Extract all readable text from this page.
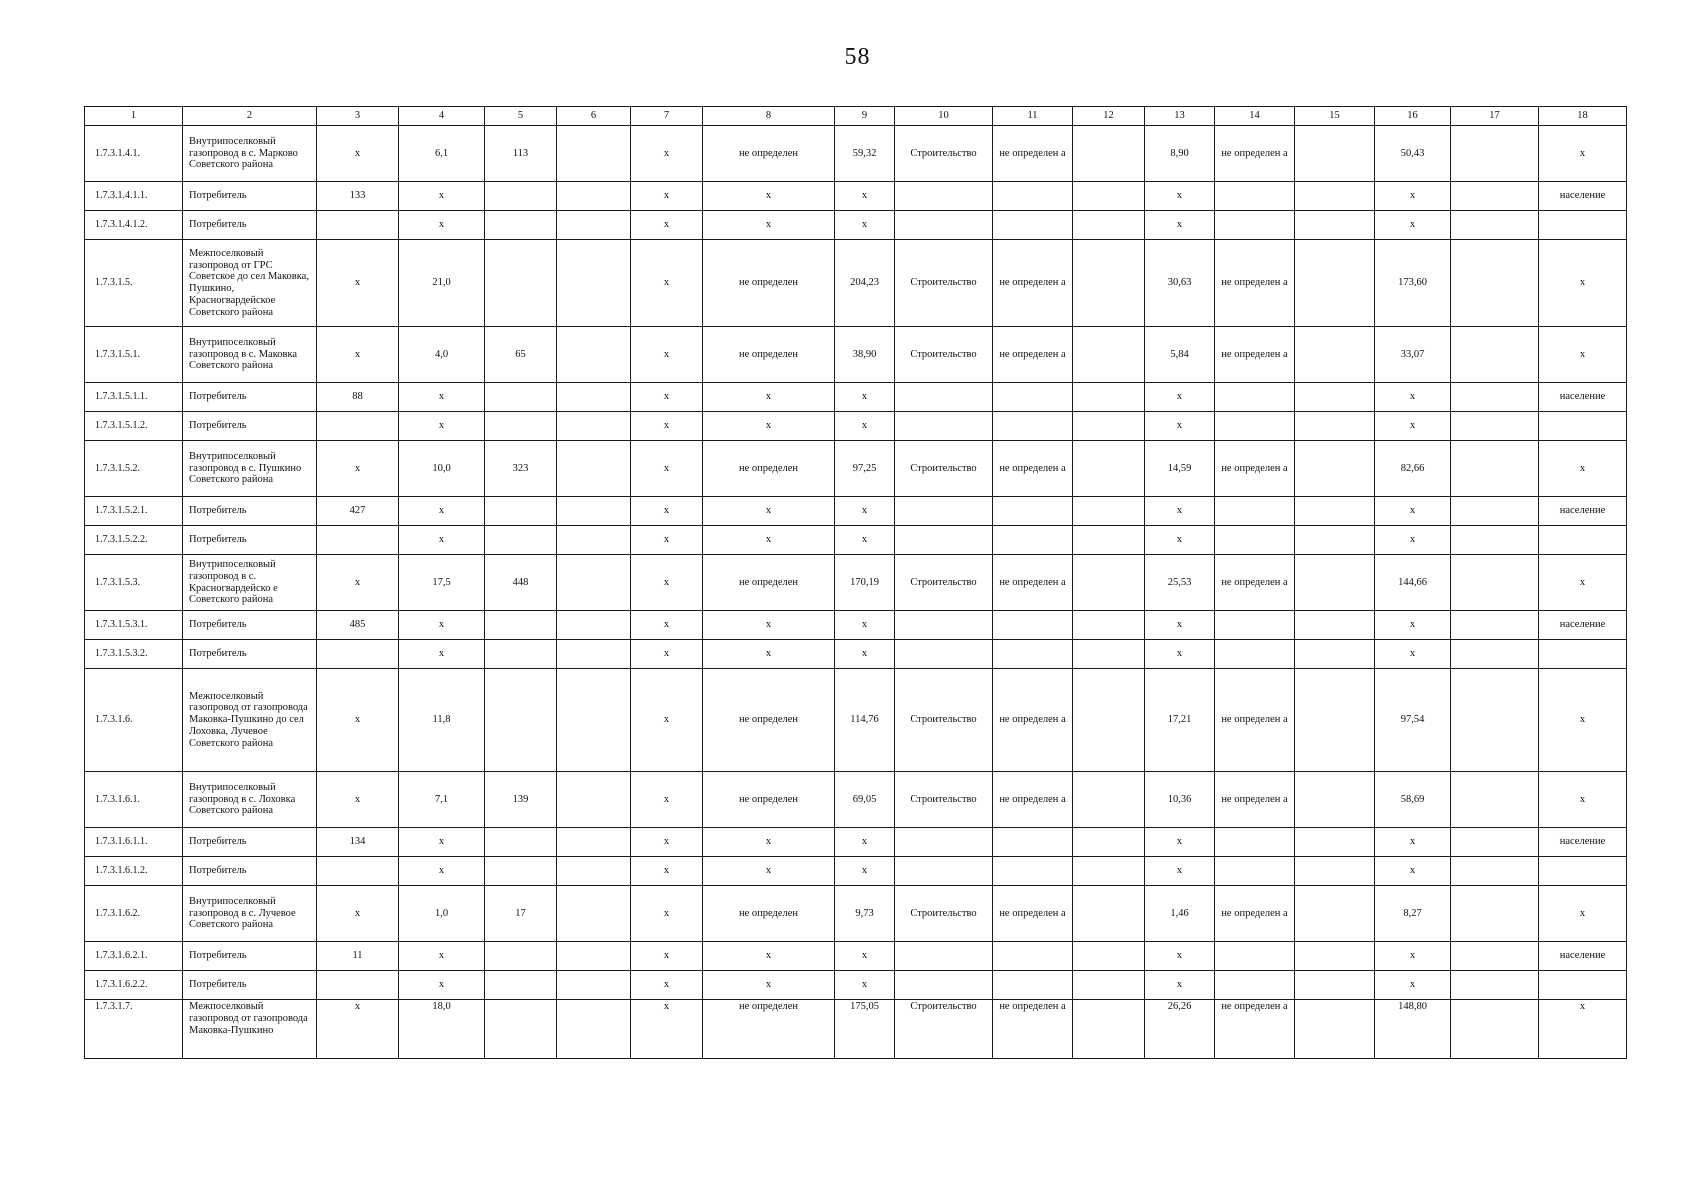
58
1	2	3	4	5	6	7	8	9	10	11	12	13	14	15	16	17	18
1.7.3.1.4.1.	Внутрипоселковый газопровод в с. Марково Советского района	x	6,1	113		x	не определен	59,32	Строительство	не определен а		8,90	не определен а		50,43		x
1.7.3.1.4.1.1.	Потребитель	133	x			x	x	x				x			x		население
1.7.3.1.4.1.2.	Потребитель		x			x	x	x				x			x		
1.7.3.1.5.	Межпоселковый газопровод от ГРС Советское до сел Маковка, Пушкино, Красногвардейское Советского района	x	21,0			x	не определен	204,23	Строительство	не определен а		30,63	не определен а		173,60		x
1.7.3.1.5.1.	Внутрипоселковый газопровод в с. Маковка Советского района	x	4,0	65		x	не определен	38,90	Строительство	не определен а		5,84	не определен а		33,07		x
1.7.3.1.5.1.1.	Потребитель	88	x			x	x	x				x			x		население
1.7.3.1.5.1.2.	Потребитель		x			x	x	x				x			x		
1.7.3.1.5.2.	Внутрипоселковый газопровод в с. Пушкино Советского района	x	10,0	323		x	не определен	97,25	Строительство	не определен а		14,59	не определен а		82,66		x
1.7.3.1.5.2.1.	Потребитель	427	x			x	x	x				x			x		население
1.7.3.1.5.2.2.	Потребитель		x			x	x	x				x			x		
1.7.3.1.5.3.	Внутрипоселковый газопровод в с. Красногвардейско е Советского района	x	17,5	448		x	не определен	170,19	Строительство	не определен а		25,53	не определен а		144,66		x
1.7.3.1.5.3.1.	Потребитель	485	x			x	x	x				x			x		население
1.7.3.1.5.3.2.	Потребитель		x			x	x	x				x			x		
1.7.3.1.6.	Межпоселковый газопровод от газопровода Маковка-Пушкино до сел Лоховка, Лучевое Советского района	x	11,8			x	не определен	114,76	Строительство	не определен а		17,21	не определен а		97,54		x
1.7.3.1.6.1.	Внутрипоселковый газопровод в с. Лоховка Советского района	x	7,1	139		x	не определен	69,05	Строительство	не определен а		10,36	не определен а		58,69		x
1.7.3.1.6.1.1.	Потребитель	134	x			x	x	x				x			x		население
1.7.3.1.6.1.2.	Потребитель		x			x	x	x				x			x		
1.7.3.1.6.2.	Внутрипоселковый газопровод в с. Лучевое Советского района	x	1,0	17		x	не определен	9,73	Строительство	не определен а		1,46	не определен а		8,27		x
1.7.3.1.6.2.1.	Потребитель	11	x			x	x	x				x			x		население
1.7.3.1.6.2.2.	Потребитель		x			x	x	x				x			x		
1.7.3.1.7.	Межпоселковый газопровод от газопровода Маковка-Пушкино	x	18,0			x	не определен	175,05	Строительство	не определен а		26,26	не определен а		148,80		x
